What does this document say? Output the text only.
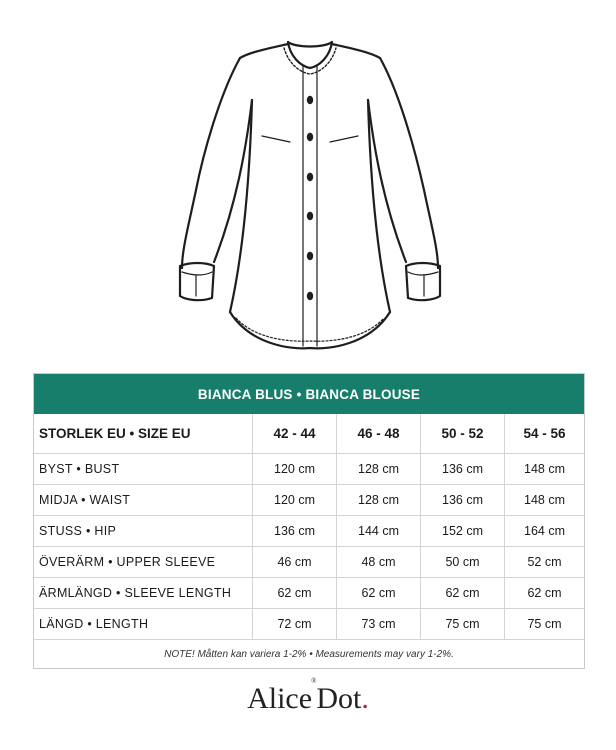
BIANCA BLUS • BIANCA BLOUSE
STORLEK EU • SIZE EU	42 - 44	46 - 48	50 - 52	54 - 56
BYST • BUST	120 cm	128 cm	136 cm	148 cm
MIDJA • WAIST	120 cm	128 cm	136 cm	148 cm
STUSS • HIP	136 cm	144 cm	152 cm	164 cm
ÖVERÄRM • UPPER SLEEVE	46 cm	48 cm	50 cm	52 cm
ÄRMLÄNGD • SLEEVE LENGTH	62 cm	62 cm	62 cm	62 cm
LÄNGD • LENGTH	72 cm	73 cm	75 cm	75 cm
NOTE! Måtten kan variera 1-2% • Measurements may vary 1-2%.
Alice®Dot.
